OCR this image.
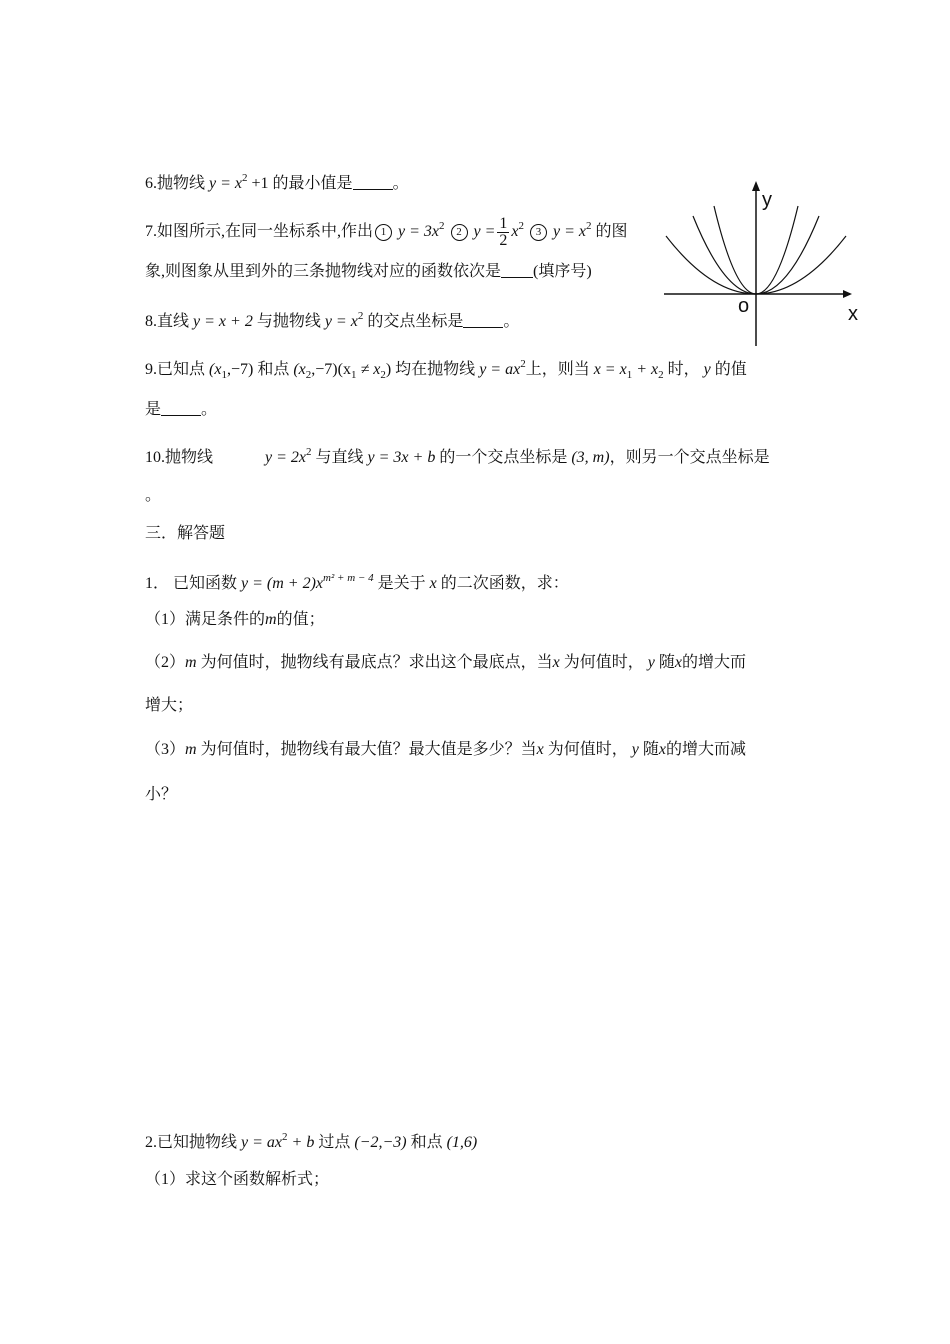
6.抛物线 $y = x^2 +1$ 的最小值是	。
7.如图所示,在同一坐标系中,作出 1 $y = 3x^2$ 2 $y = \frac{1}{2} x^2$ 3 $y = x^2$ 的图
象,则图象从里到外的三条抛物线对应的函数依次是 (填序号)
8.直线 y = x + 2 与抛物线 $y = x^2$ 的交点坐标是	。
9.已知点 $(x_1,-7)$ 和点 $(x_2,-7)(x_1 \ne x_2)$ 均在抛物线 $y = ax^2$上，则当 $x = x_1 + x_2$ 时， y 的值
是	。
10.抛物线	$y = 2x^2$ 与直线 y = 3x + b 的一个交点坐标是 (3, m)，则另一个交点坐标是
。
三．解答题
1． 已知函数 $y = (m + 2)x^{m^2 + m - 4}$ 是关于 x 的二次函数，求：
（1）满足条件的m的值；
（2）m 为何值时，抛物线有最底点？求出这个最底点，当x 为何值时， y 随x的增大而
增大；
（3）m 为何值时，抛物线有最大值？最大值是多少？当x 为何值时， y 随x的增大而减
小？
2.已知抛物线 $y = ax^2 + b$ 过点 (−2,−3) 和点 (1,6)
（1）求这个函数解析式；
y
x
o
